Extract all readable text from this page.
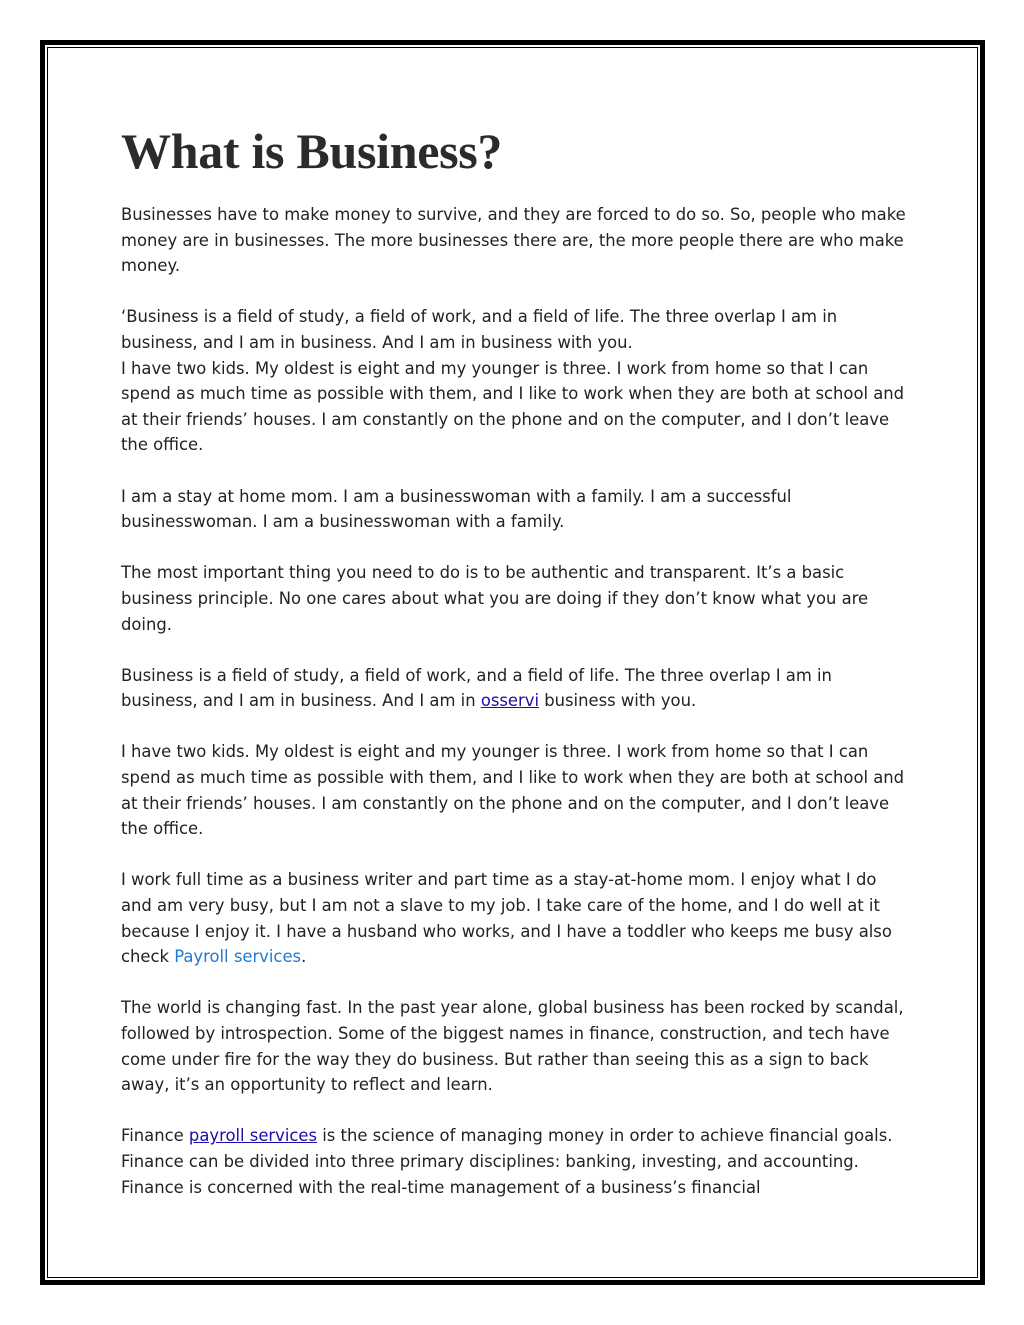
What is Business?

Businesses have to make money to survive, and they are forced to do so. So, people who make money are in businesses. The more businesses there are, the more people there are who make money.

‘Business is a field of study, a field of work, and a field of life. The three overlap I am in business, and I am in business. And I am in business with you.

I have two kids. My oldest is eight and my younger is three. I work from home so that I can spend as much time as possible with them, and I like to work when they are both at school and at their friends’ houses. I am constantly on the phone and on the computer, and I don’t leave the office.

I am a stay at home mom. I am a businesswoman with a family. I am a successful businesswoman. I am a businesswoman with a family.

The most important thing you need to do is to be authentic and transparent. It’s a basic business principle. No one cares about what you are doing if they don’t know what you are doing.

Business is a field of study, a field of work, and a field of life. The three overlap I am in business, and I am in business. And I am in osservi business with you.

I have two kids. My oldest is eight and my younger is three. I work from home so that I can spend as much time as possible with them, and I like to work when they are both at school and at their friends’ houses. I am constantly on the phone and on the computer, and I don’t leave the office.

I work full time as a business writer and part time as a stay-at-home mom. I enjoy what I do and am very busy, but I am not a slave to my job. I take care of the home, and I do well at it because I enjoy it. I have a husband who works, and I have a toddler who keeps me busy also check Payroll services.

The world is changing fast. In the past year alone, global business has been rocked by scandal, followed by introspection. Some of the biggest names in finance, construction, and tech have come under fire for the way they do business. But rather than seeing this as a sign to back away, it’s an opportunity to reflect and learn.

Finance payroll services is the science of managing money in order to achieve financial goals. Finance can be divided into three primary disciplines: banking, investing, and accounting. Finance is concerned with the real-time management of a business’s financial
